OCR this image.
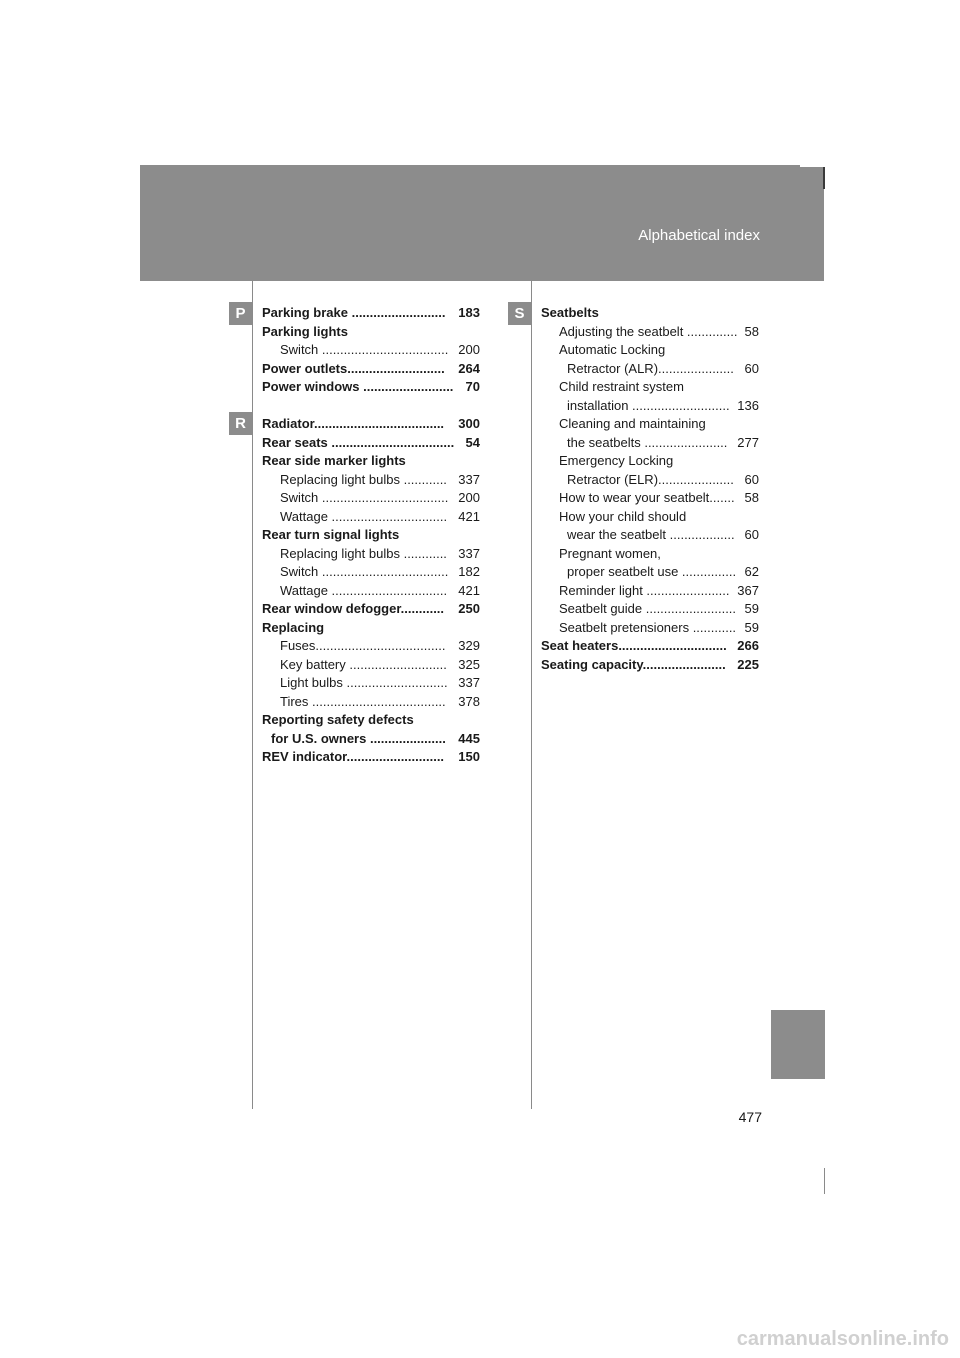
Alphabetical index
P
R
S
Parking brake .......................... 183
Parking lights
Switch ................................... 200
Power outlets........................... 264
Power windows ......................... 70
Radiator.................................... 300
Rear seats .................................. 54
Rear side marker lights
Replacing light bulbs ............ 337
Switch ................................... 200
Wattage ................................ 421
Rear turn signal lights
Replacing light bulbs ............ 337
Switch ................................... 182
Wattage ................................ 421
Rear window defogger............ 250
Replacing
Fuses.................................... 329
Key battery ........................... 325
Light bulbs ............................ 337
Tires ..................................... 378
Reporting safety defects
for U.S. owners ..................... 445
REV indicator........................... 150
Seatbelts
Adjusting the seatbelt .............. 58
Automatic Locking
Retractor (ALR)..................... 60
Child restraint system
installation ........................... 136
Cleaning and maintaining
the seatbelts ....................... 277
Emergency Locking
Retractor (ELR)..................... 60
How to wear your seatbelt....... 58
How your child should
wear the seatbelt .................. 60
Pregnant women,
proper seatbelt use ............... 62
Reminder light ....................... 367
Seatbelt guide ......................... 59
Seatbelt pretensioners ............ 59
Seat heaters.............................. 266
Seating capacity....................... 225
477
carmanualsonline.info
